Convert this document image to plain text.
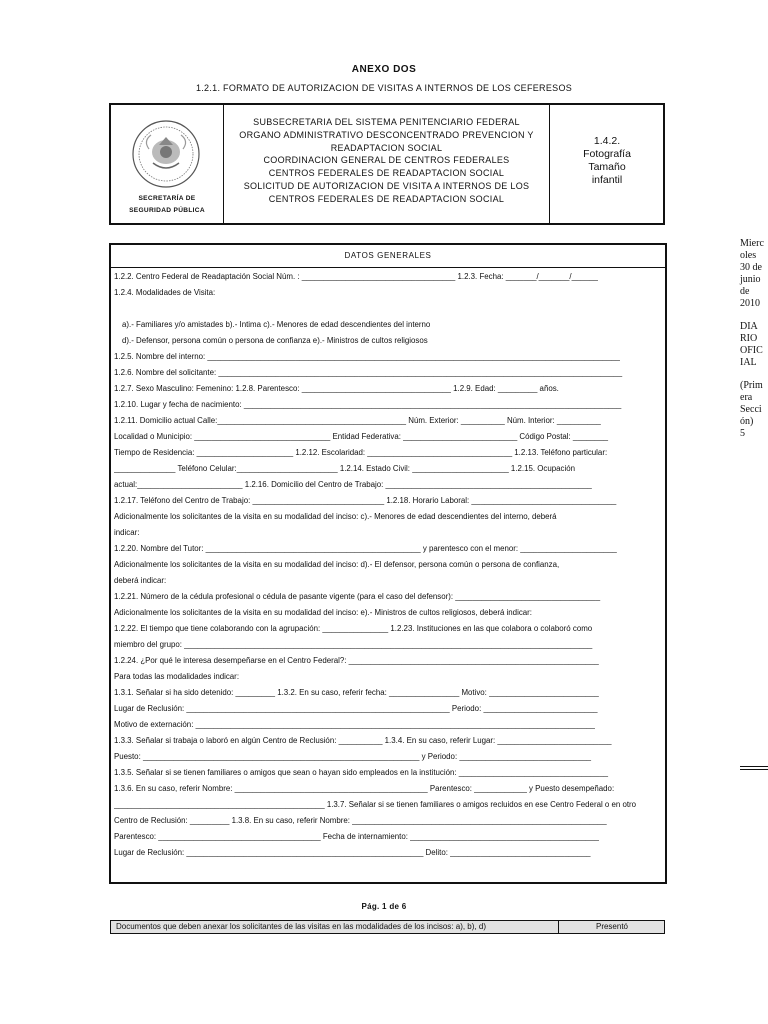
ANEXO DOS
1.2.1. FORMATO DE AUTORIZACION DE VISITAS A INTERNOS DE LOS CEFERESOS
SECRETARÍA DE
SEGURIDAD PÚBLICA
SUBSECRETARIA DEL SISTEMA PENITENCIARIO FEDERAL
ORGANO ADMINISTRATIVO DESCONCENTRADO PREVENCION Y
READAPTACION SOCIAL
COORDINACION GENERAL DE CENTROS FEDERALES
CENTROS FEDERALES DE READAPTACION SOCIAL
SOLICITUD DE AUTORIZACION DE VISITA A INTERNOS DE LOS
CENTROS FEDERALES DE READAPTACION SOCIAL
1.4.2.
Fotografía
Tamaño
infantil
DATOS GENERALES
1.2.2. Centro Federal de Readaptación Social Núm. : ___________________________________ 1.2.3. Fecha: _______/_______/______
1.2.4. Modalidades de Visita:
a).- Familiares y/o amistades b).- Intima c).- Menores de edad descendientes del interno
d).- Defensor, persona común o persona de confianza e).- Ministros de cultos religiosos
1.2.5. Nombre del interno: ______________________________________________________________________________________________
1.2.6. Nombre del solicitante: ____________________________________________________________________________________________
1.2.7. Sexo Masculino: Femenino: 1.2.8. Parentesco: __________________________________ 1.2.9. Edad: _________ años.
1.2.10. Lugar y fecha de nacimiento: ______________________________________________________________________________________
1.2.11. Domicilio actual Calle:___________________________________________ Núm. Exterior: __________ Núm. Interior: __________
Localidad o Municipio: _______________________________ Entidad Federativa: __________________________ Código Postal: ________
Tiempo de Residencia: ______________________ 1.2.12. Escolaridad: _________________________________ 1.2.13. Teléfono particular:
______________ Teléfono Celular:_______________________ 1.2.14. Estado Civil: ______________________ 1.2.15. Ocupación
actual:________________________ 1.2.16. Domicilio del Centro de Trabajo: _______________________________________________
1.2.17. Teléfono del Centro de Trabajo: ______________________________ 1.2.18. Horario Laboral: _________________________________
Adicionalmente los solicitantes de la visita en su modalidad del inciso: c).- Menores de edad descendientes del interno, deberá
indicar:
1.2.20. Nombre del Tutor: _________________________________________________ y parentesco con el menor: ______________________
Adicionalmente los solicitantes de la visita en su modalidad del inciso: d).- El defensor, persona común o persona de confianza,
deberá indicar:
1.2.21. Número de la cédula profesional o cédula de pasante vigente (para el caso del defensor): _________________________________
Adicionalmente los solicitantes de la visita en su modalidad del inciso: e).- Ministros de cultos religiosos, deberá indicar:
1.2.22. El tiempo que tiene colaborando con la agrupación: _______________ 1.2.23. Instituciones en las que colabora o colaboró como
miembro del grupo: _____________________________________________________________________________________________
1.2.24. ¿Por qué le interesa desempeñarse en el Centro Federal?: _________________________________________________________
Para todas las modalidades indicar:
1.3.1. Señalar si ha sido detenido: _________ 1.3.2. En su caso, referir fecha: ________________ Motivo: _________________________
Lugar de Reclusión: ____________________________________________________________ Periodo: __________________________
Motivo de externación: ___________________________________________________________________________________________
1.3.3. Señalar si trabaja o laboró en algún Centro de Reclusión: __________ 1.3.4. En su caso, referir Lugar: __________________________
Puesto: _______________________________________________________________ y Periodo: ______________________________
1.3.5. Señalar si se tienen familiares o amigos que sean o hayan sido empleados en la institución: __________________________________
1.3.6. En su caso, referir Nombre: ____________________________________________ Parentesco: ____________ y Puesto desempeñado:
________________________________________________ 1.3.7. Señalar si se tienen familiares o amigos recluidos en ese Centro Federal o en otro
Centro de Reclusión: _________ 1.3.8. En su caso, referir Nombre: __________________________________________________________
Parentesco: _____________________________________ Fecha de internamiento: ___________________________________________
Lugar de Reclusión: ______________________________________________________ Delito: ________________________________
Mierc
oles
30 de
junio
de
2010
DIA
RIO
OFIC
IAL
(Prim
era
Secci
ón)
5
Pág. 1 de 6
Documentos que deben anexar los solicitantes de las visitas en las modalidades de los incisos: a), b), d)	Presentó
